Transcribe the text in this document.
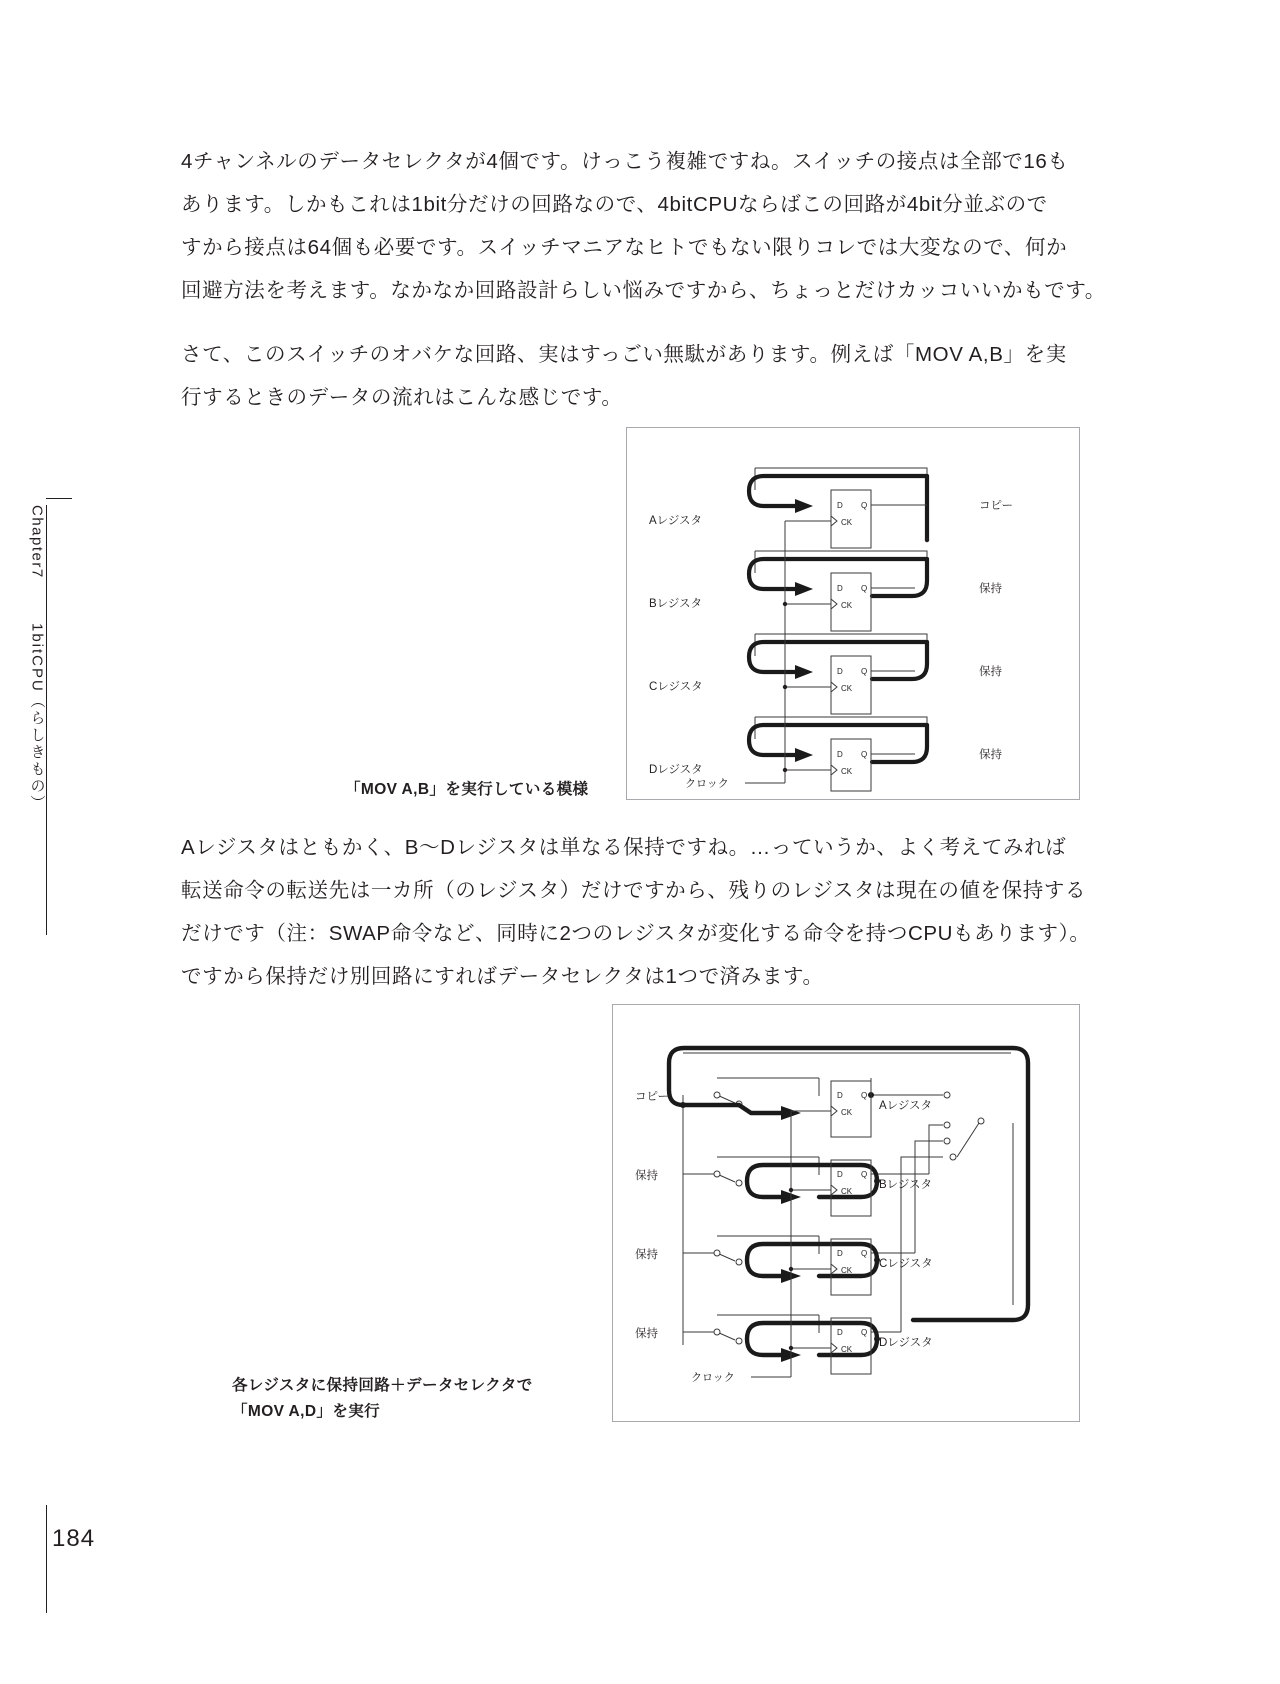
Chapter7
1bitCPU（らしきもの）
4チャンネルのデータセレクタが4個です。けっこう複雑ですね。スイッチの接点は全部で16も
あります。しかもこれは1bit分だけの回路なので、4bitCPUならばこの回路が4bit分並ぶので
すから接点は64個も必要です。スイッチマニアなヒトでもない限りコレでは大変なので、何か
回避方法を考えます。なかなか回路設計らしい悩みですから、ちょっとだけカッコいいかもです。
さて、このスイッチのオバケな回路、実はすっごい無駄があります。例えば「MOV A,B」を実
行するときのデータの流れはこんな感じです。
D Q
CK
D Q
CK
D Q
CK
D Q
CK
Aレジスタ
Bレジスタ
Cレジスタ
Dレジスタ
クロック
コピー
保持
保持
保持
「MOV A,B」を実行している模様
Aレジスタはともかく、B〜Dレジスタは単なる保持ですね。…っていうか、よく考えてみれば
転送命令の転送先は一カ所（のレジスタ）だけですから、残りのレジスタは現在の値を保持する
だけです（注：SWAP命令など、同時に2つのレジスタが変化する命令を持つCPUもあります）。
ですから保持だけ別回路にすればデータセレクタは1つで済みます。
D Q
CK
D Q
CK
D Q
CK
D Q
CK
Aレジスタ
Bレジスタ
Cレジスタ
Dレジスタ
コピー
保持
保持
保持
クロック
各レジスタに保持回路＋データセレクタで
「MOV A,D」を実行
184
